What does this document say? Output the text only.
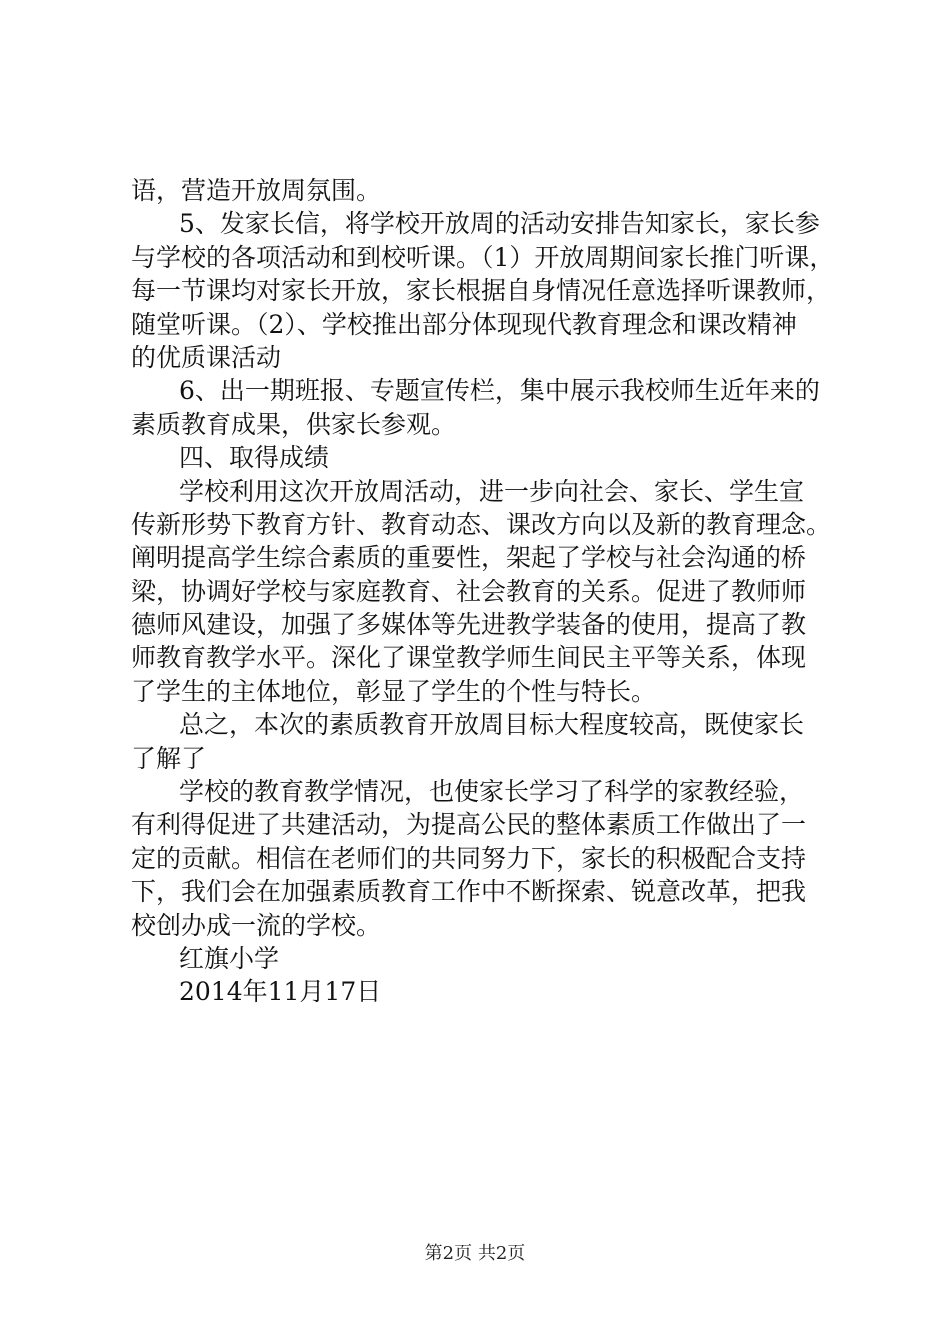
语，营造开放周氛围。
5、发家长信，将学校开放周的活动安排告知家长，家长参
与学校的各项活动和到校听课。（1）开放周期间家长推门听课，
每一节课均对家长开放，家长根据自身情况任意选择听课教师，
随堂听课。（2）、学校推出部分体现现代教育理念和课改精神
的优质课活动
6、出一期班报、专题宣传栏，集中展示我校师生近年来的
素质教育成果，供家长参观。
四、取得成绩
学校利用这次开放周活动，进一步向社会、家长、学生宣
传新形势下教育方针、教育动态、课改方向以及新的教育理念。
阐明提高学生综合素质的重要性，架起了学校与社会沟通的桥
梁，协调好学校与家庭教育、社会教育的关系。促进了教师师
德师风建设，加强了多媒体等先进教学装备的使用，提高了教
师教育教学水平。深化了课堂教学师生间民主平等关系，体现
了学生的主体地位，彰显了学生的个性与特长。
总之，本次的素质教育开放周目标大程度较高，既使家长
了解了
学校的教育教学情况，也使家长学习了科学的家教经验，
有利得促进了共建活动，为提高公民的整体素质工作做出了一
定的贡献。相信在老师们的共同努力下，家长的积极配合支持
下，我们会在加强素质教育工作中不断探索、锐意改革，把我
校创办成一流的学校。
红旗小学
2014年11月17日
第2页 共2页
